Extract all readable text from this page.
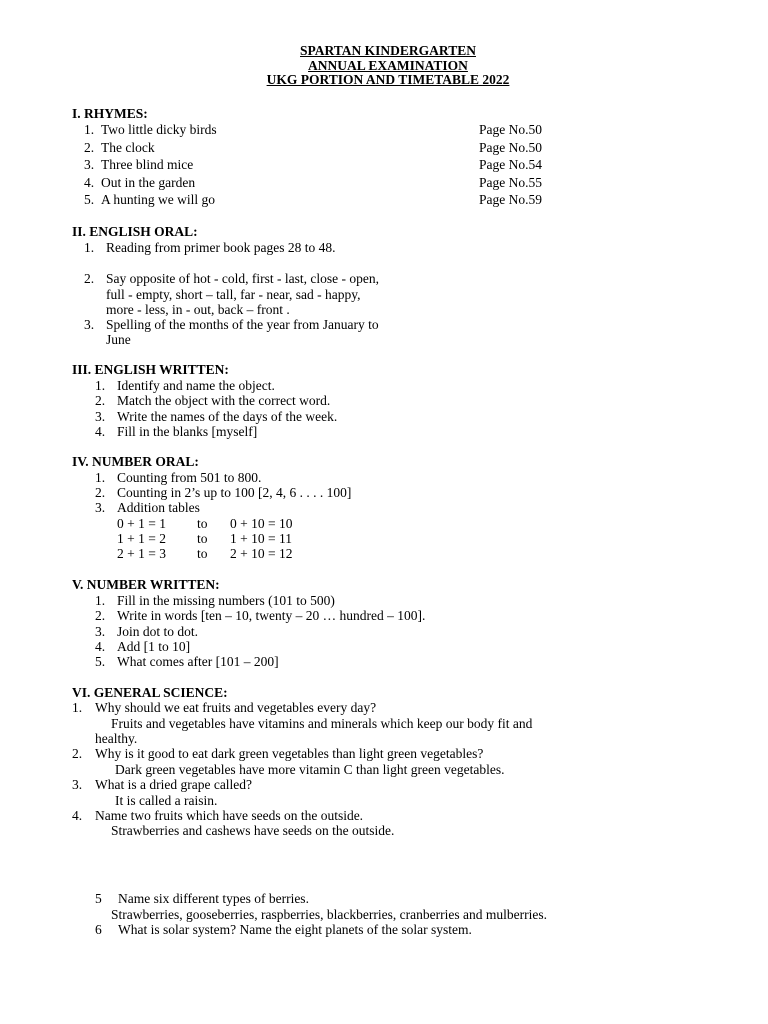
SPARTAN KINDERGARTEN
ANNUAL EXAMINATION
UKG PORTION AND TIMETABLE 2022
I. RHYMES:
1. Two little dicky birds	Page No.50
2. The clock	Page No.50
3. Three blind mice	Page No.54
4. Out in the garden	Page No.55
5. A hunting we will go	Page No.59
II. ENGLISH ORAL:
1. Reading from primer book pages 28 to 48.
2. Say opposite of hot - cold, first - last, close - open,
full - empty, short – tall, far - near, sad - happy,
more - less, in - out, back – front .
3. Spelling of the months of the year from January to
June
III. ENGLISH WRITTEN:
1. Identify and name the object.
2. Match the object with the correct word.
3. Write the names of the days of the week.
4. Fill in the blanks [myself]
IV. NUMBER ORAL:
1. Counting from 501 to 800.
2. Counting in 2’s up to 100 [2, 4, 6 . . . . 100]
3. Addition tables
0 + 1 = 1 to 0 + 10 = 10
1 + 1 = 2 to 1 + 10 = 11
2 + 1 = 3 to 2 + 10 = 12
V. NUMBER WRITTEN:
1. Fill in the missing numbers (101 to 500)
2. Write in words [ten – 10, twenty – 20 … hundred – 100].
3. Join dot to dot.
4. Add [1 to 10]
5. What comes after [101 – 200]
VI. GENERAL SCIENCE:
1. Why should we eat fruits and vegetables every day?
Fruits and vegetables have vitamins and minerals which keep our body fit and
healthy.
2. Why is it good to eat dark green vegetables than light green vegetables?
Dark green vegetables have more vitamin C than light green vegetables.
3. What is a dried grape called?
It is called a raisin.
4. Name two fruits which have seeds on the outside.
Strawberries and cashews have seeds on the outside.
5 Name six different types of berries.
Strawberries, gooseberries, raspberries, blackberries, cranberries and mulberries.
6 What is solar system? Name the eight planets of the solar system.
